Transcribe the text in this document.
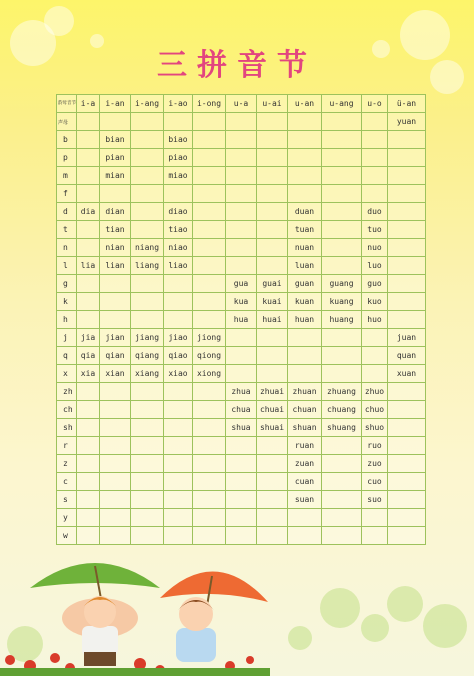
三拼音节
韵母音节	i-a	i-an	i-ang	i-ao	i-ong	u-a	u-ai	u-an	u-ang	u-o	ü-an
声母											yuan
b		bian		biao							
p		pian		piao							
m		mian		miao							
f											
d	dia	dian		diao				duan		duo	
t		tian		tiao				tuan		tuo	
n		nian	niang	niao				nuan		nuo	
l	lia	lian	liang	liao				luan		luo	
g						gua	guai	guan	guang	guo	
k						kua	kuai	kuan	kuang	kuo	
h						hua	huai	huan	huang	huo	
j	jia	jian	jiang	jiao	jiong						juan
q	qia	qian	qiang	qiao	qiong						quan
x	xia	xian	xiang	xiao	xiong						xuan
zh						zhua	zhuai	zhuan	zhuang	zhuo	
ch						chua	chuai	chuan	chuang	chuo	
sh						shua	shuai	shuan	shuang	shuo	
r								ruan		ruo	
z								zuan		zuo	
c								cuan		cuo	
s								suan		suo	
y											
w											
